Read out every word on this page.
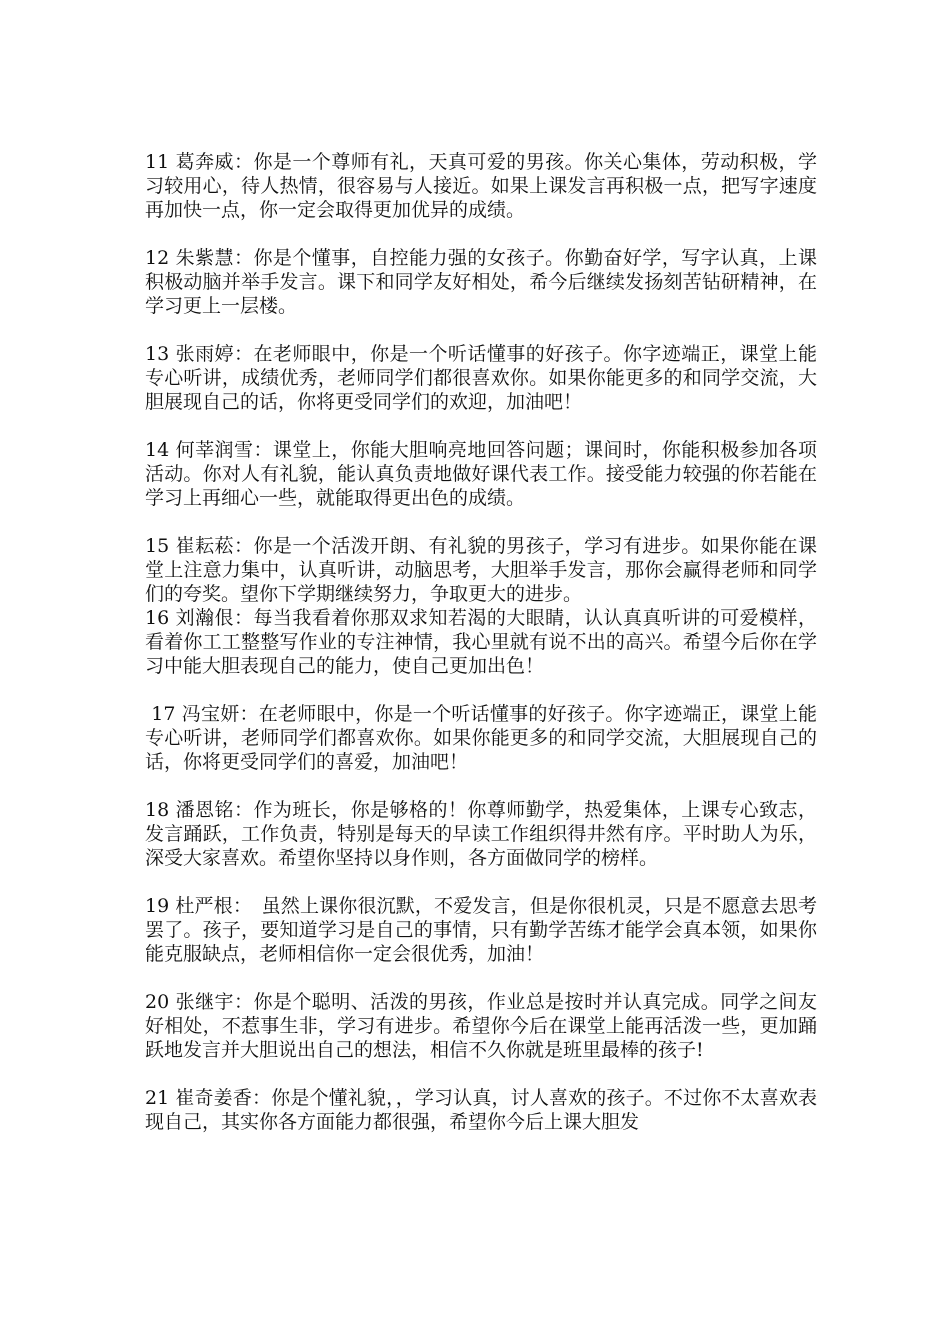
11 葛奔威：你是一个尊师有礼，天真可爱的男孩。你关心集体，劳动积极，学习较用心，待人热情，很容易与人接近。如果上课发言再积极一点，把写字速度再加快一点，你一定会取得更加优异的成绩。

12 朱紫慧：你是个懂事，自控能力强的女孩子。你勤奋好学，写字认真，上课积极动脑并举手发言。课下和同学友好相处，希今后继续发扬刻苦钻研精神，在学习更上一层楼。

13 张雨婷：在老师眼中，你是一个听话懂事的好孩子。你字迹端正，课堂上能专心听讲，成绩优秀，老师同学们都很喜欢你。如果你能更多的和同学交流，大胆展现自己的话，你将更受同学们的欢迎，加油吧！

14 何莘润雪：课堂上，你能大胆响亮地回答问题；课间时，你能积极参加各项活动。你对人有礼貌，能认真负责地做好课代表工作。接受能力较强的你若能在学习上再细心一些，就能取得更出色的成绩。

15 崔耘菘：你是一个活泼开朗、有礼貌的男孩子，学习有进步。如果你能在课堂上注意力集中，认真听讲，动脑思考，大胆举手发言，那你会赢得老师和同学们的夸奖。望你下学期继续努力，争取更大的进步。

16 刘瀚佷：每当我看着你那双求知若渴的大眼睛，认认真真听讲的可爱模样，看着你工工整整写作业的专注神情，我心里就有说不出的高兴。希望今后你在学习中能大胆表现自己的能力，使自己更加出色！

17 冯宝妍：在老师眼中，你是一个听话懂事的好孩子。你字迹端正，课堂上能专心听讲，老师同学们都喜欢你。如果你能更多的和同学交流，大胆展现自己的话，你将更受同学们的喜爱，加油吧！

18 潘恩铭：作为班长，你是够格的！你尊师勤学，热爱集体，上课专心致志，发言踊跃，工作负责，特别是每天的早读工作组织得井然有序。平时助人为乐，深受大家喜欢。希望你坚持以身作则，各方面做同学的榜样。

19 杜严根：　虽然上课你很沉默，不爱发言，但是你很机灵，只是不愿意去思考罢了。孩子，要知道学习是自己的事情，只有勤学苦练才能学会真本领，如果你能克服缺点，老师相信你一定会很优秀，加油！

20 张继宇：你是个聪明、活泼的男孩，作业总是按时并认真完成。同学之间友好相处，不惹事生非，学习有进步。希望你今后在课堂上能再活泼一些，更加踊跃地发言并大胆说出自己的想法，相信不久你就是班里最棒的孩子!

21 崔奇姜香：你是个懂礼貌，，学习认真，讨人喜欢的孩子。不过你不太喜欢表现自己，其实你各方面能力都很强，希望你今后上课大胆发
